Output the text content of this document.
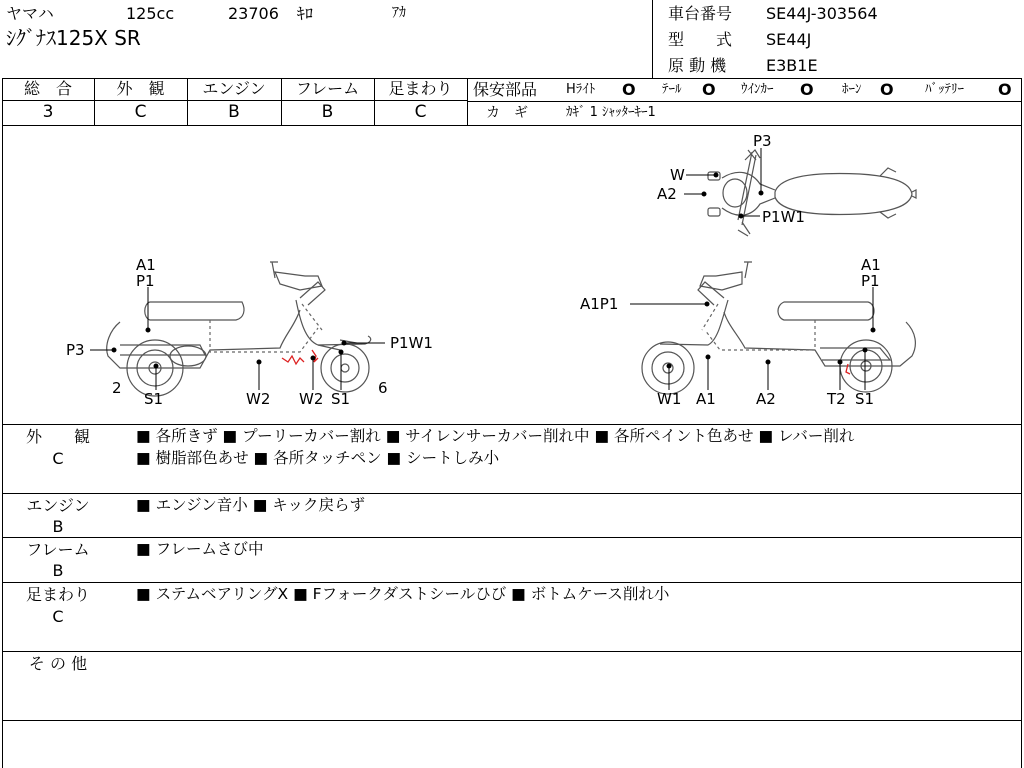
ヤマハ	125cc	23706 ｷﾛ	ｱｶ
ｼｸﾞﾅｽ125X SR
車台番号 SE44J-303564
型　　式 SE44J
原 動 機 E3B1E
総　合	外　観	エンジン	フレーム	足まわり
3	C	B	B	C
保安部品 Hﾗｲﾄ O ﾃｰﾙ O ｳｲﾝｶｰ O ﾎｰﾝ O ﾊﾞｯﾃﾘｰ O
カ　ギ	ｶｷﾞ 1 ｼｬｯﾀｰｷｰ1
P3
W
A2
P1W1
A1
P1
P3	P1W1
2	6
S1	W2 W2 S1
A1P1
A1
P1
W1 A1	A2	T2 S1
外　　観
C
■ 各所きず ■ プーリーカバー割れ ■ サイレンサーカバー削れ中 ■ 各所ペイント色あせ ■ レバー削れ
■ 樹脂部色あせ ■ 各所タッチペン ■ シートしみ小
エンジン
B
■ エンジン音小 ■ キック戻らず
フレーム
B
■ フレームさび中
足まわり
C
■ ステムベアリングX ■ Fフォークダストシールひび ■ ボトムケース削れ小
そ の 他
